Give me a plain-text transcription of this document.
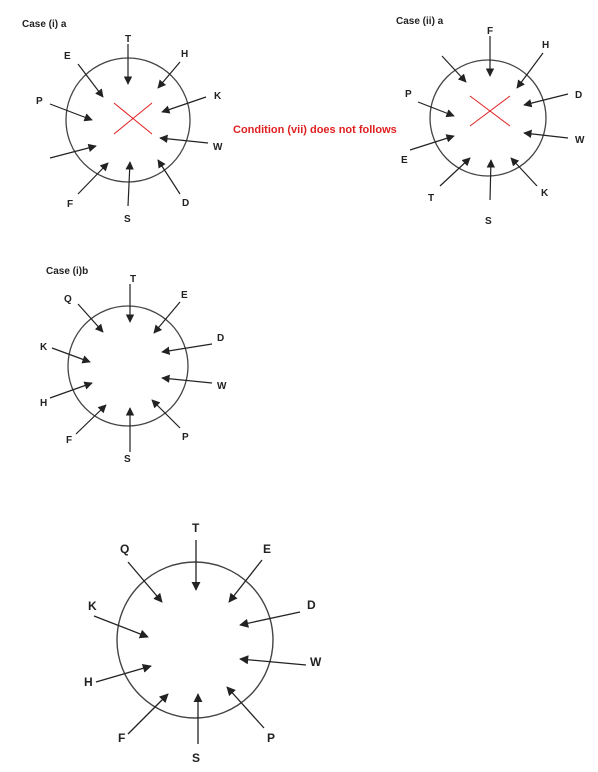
Case (i) a
T
H
K
W
D
S
F
P
E
Condition (vii) does not follows
Case (ii) a
F
H
D
W
K
S
T
E
P
Case (i)b
T
E
D
W
P
S
F
H
K
Q
T
E
D
W
P
S
F
H
K
Q
